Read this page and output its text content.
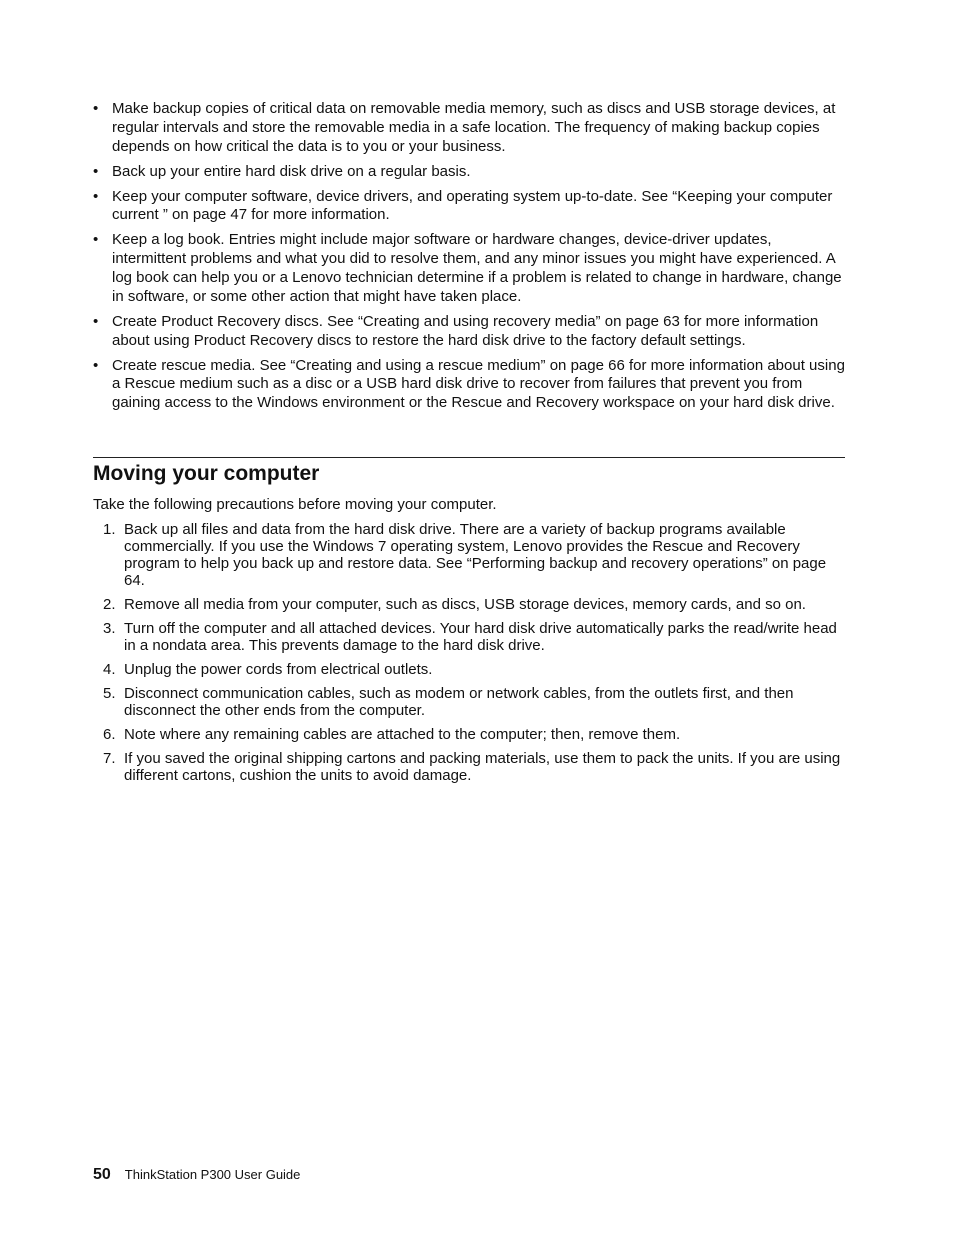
• Make backup copies of critical data on removable media memory, such as discs and USB storage devices, at regular intervals and store the removable media in a safe location. The frequency of making backup copies depends on how critical the data is to you or your business.
• Back up your entire hard disk drive on a regular basis.
• Keep your computer software, device drivers, and operating system up-to-date. See “Keeping your computer current ” on page 47 for more information.
• Keep a log book. Entries might include major software or hardware changes, device-driver updates, intermittent problems and what you did to resolve them, and any minor issues you might have experienced. A log book can help you or a Lenovo technician determine if a problem is related to change in hardware, change in software, or some other action that might have taken place.
• Create Product Recovery discs. See “Creating and using recovery media” on page 63 for more information about using Product Recovery discs to restore the hard disk drive to the factory default settings.
• Create rescue media. See “Creating and using a rescue medium” on page 66 for more information about using a Rescue medium such as a disc or a USB hard disk drive to recover from failures that prevent you from gaining access to the Windows environment or the Rescue and Recovery workspace on your hard disk drive.
Moving your computer
Take the following precautions before moving your computer.
1. Back up all files and data from the hard disk drive. There are a variety of backup programs available commercially. If you use the Windows 7 operating system, Lenovo provides the Rescue and Recovery program to help you back up and restore data. See “Performing backup and recovery operations” on page 64.
2. Remove all media from your computer, such as discs, USB storage devices, memory cards, and so on.
3. Turn off the computer and all attached devices. Your hard disk drive automatically parks the read/write head in a nondata area. This prevents damage to the hard disk drive.
4. Unplug the power cords from electrical outlets.
5. Disconnect communication cables, such as modem or network cables, from the outlets first, and then disconnect the other ends from the computer.
6. Note where any remaining cables are attached to the computer; then, remove them.
7. If you saved the original shipping cartons and packing materials, use them to pack the units. If you are using different cartons, cushion the units to avoid damage.
50 ThinkStation P300 User Guide
